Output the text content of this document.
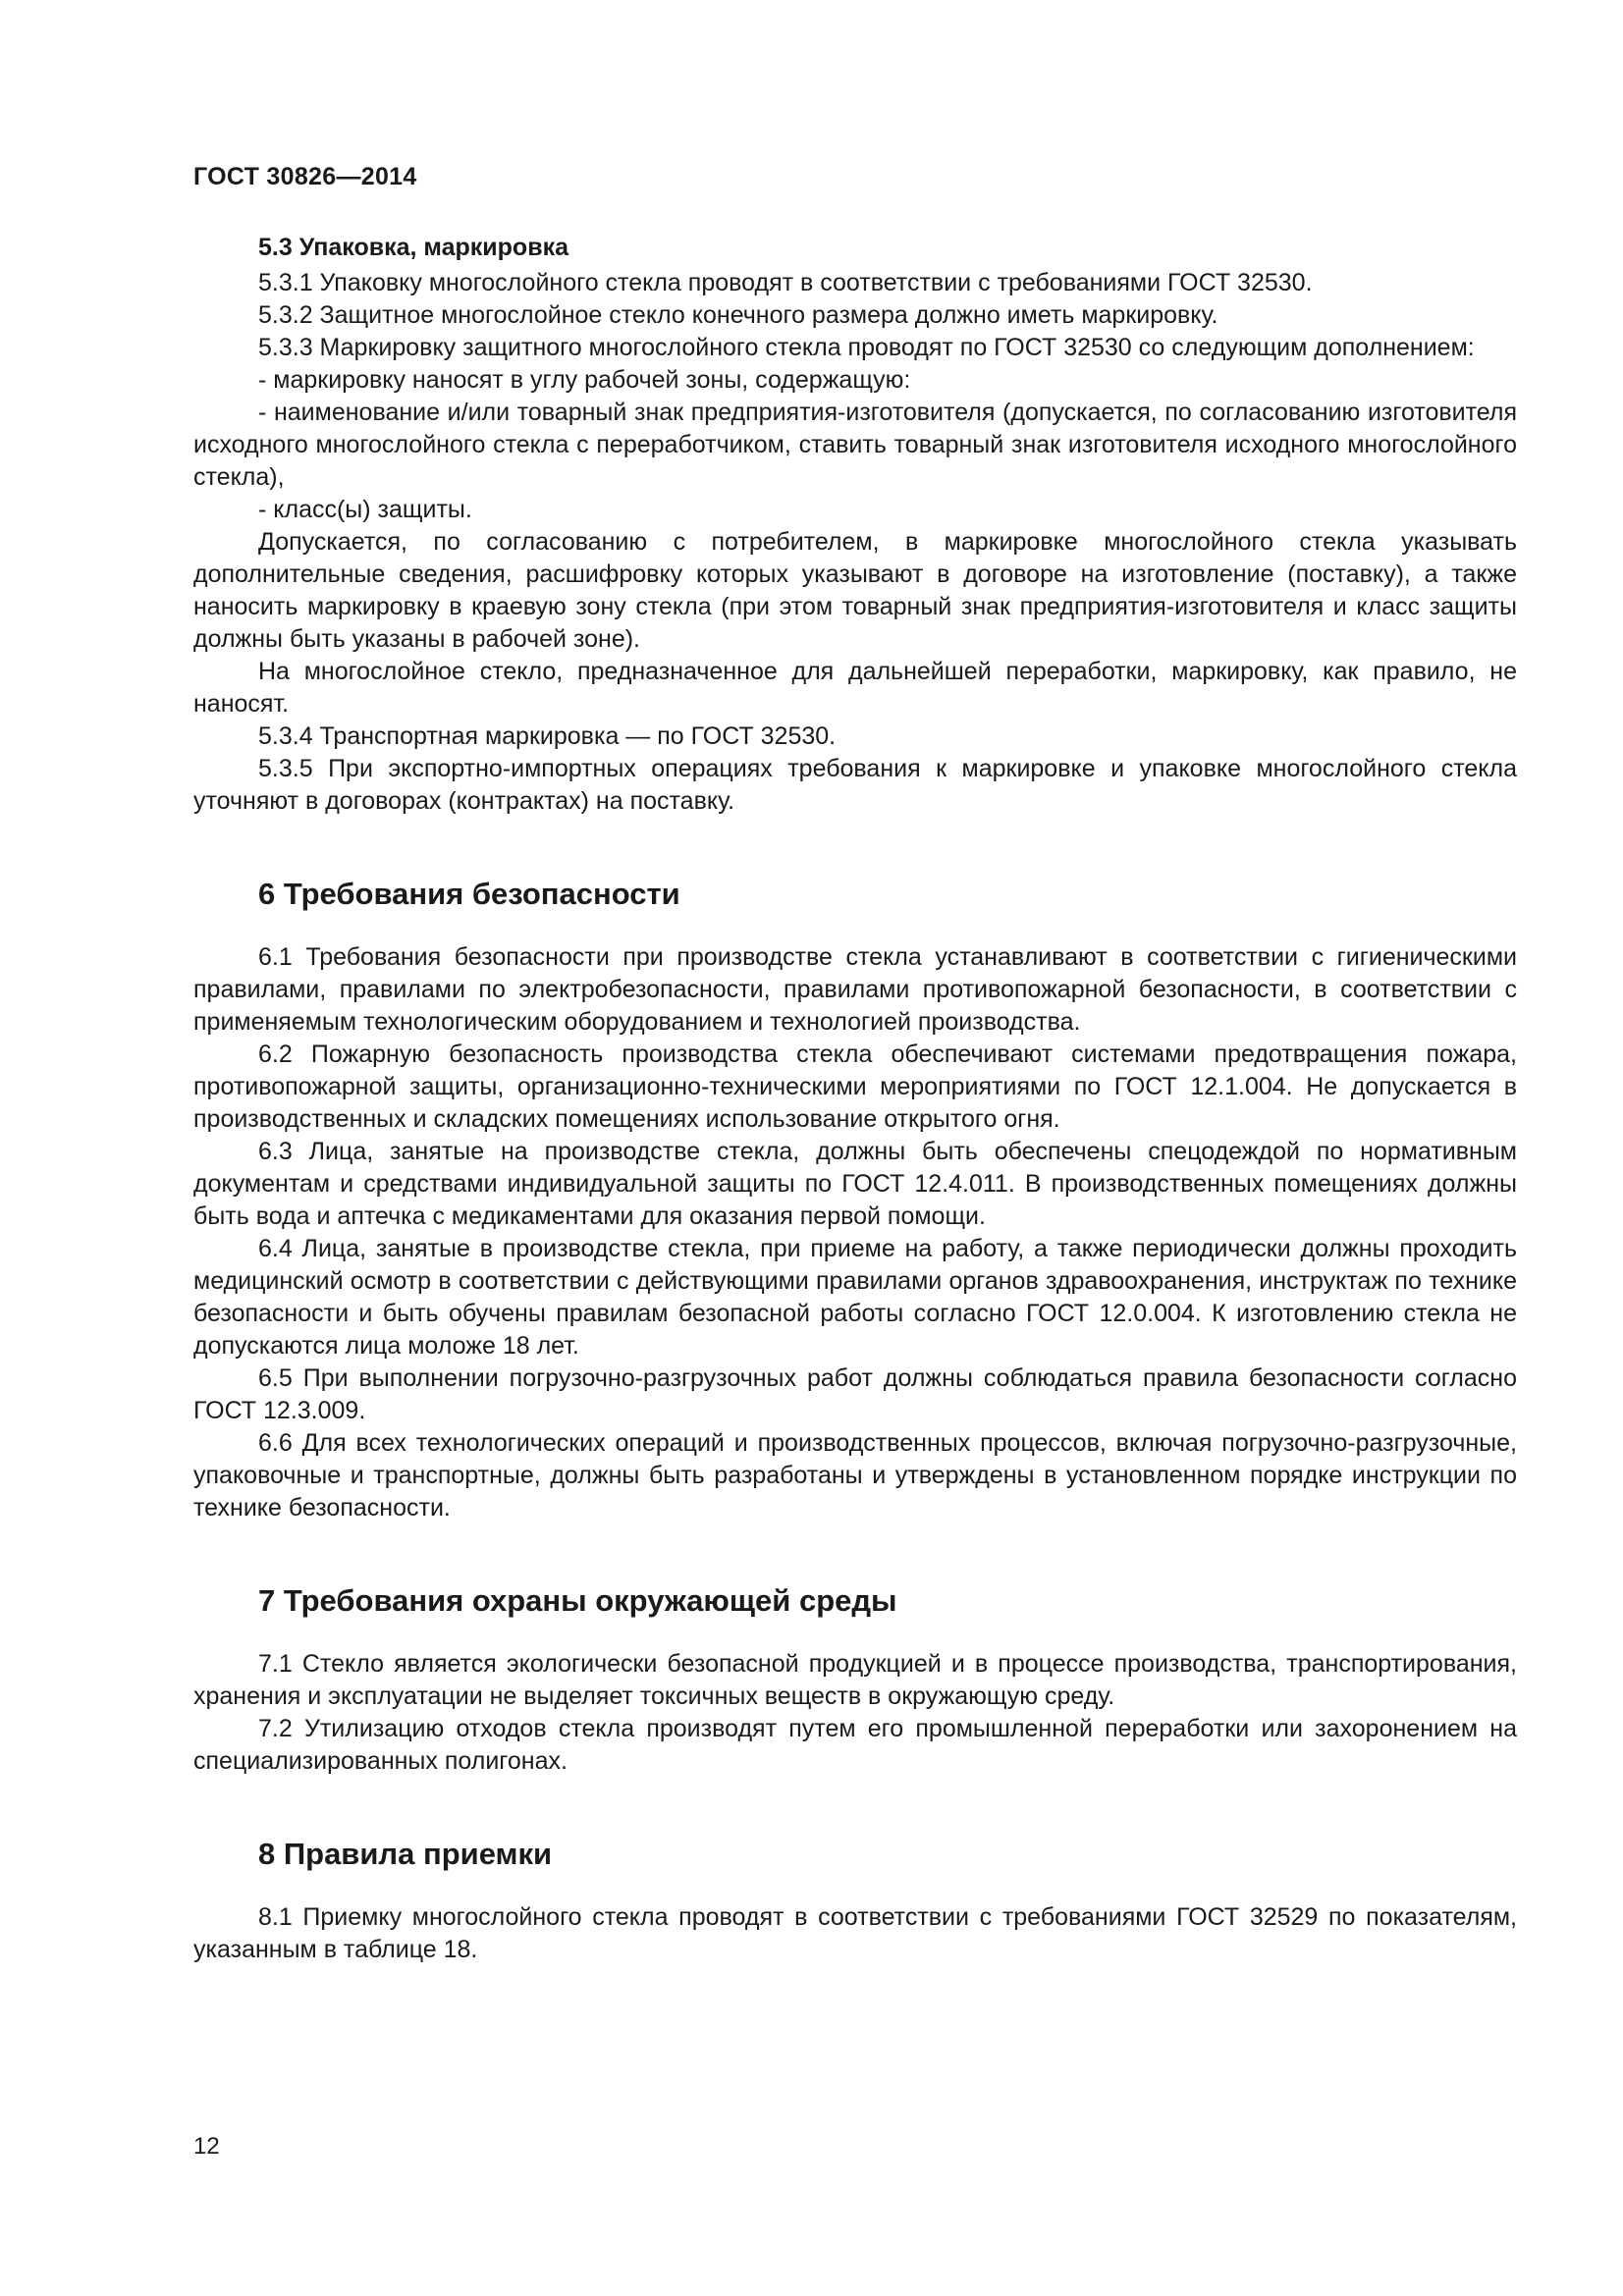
ГОСТ 30826—2014
5.3 Упаковка, маркировка

5.3.1 Упаковку многослойного стекла проводят в соответствии с требованиями ГОСТ 32530.

5.3.2 Защитное многослойное стекло конечного размера должно иметь маркировку.

5.3.3 Маркировку защитного многослойного стекла проводят по ГОСТ 32530 со следующим дополнением:

- маркировку наносят в углу рабочей зоны, содержащую:

- наименование и/или товарный знак предприятия-изготовителя (допускается, по согласованию изготовителя исходного многослойного стекла с переработчиком, ставить товарный знак изготовителя исходного многослойного стекла),

- класс(ы) защиты.

Допускается, по согласованию с потребителем, в маркировке многослойного стекла указывать дополнительные сведения, расшифровку которых указывают в договоре на изготовление (поставку), а также наносить маркировку в краевую зону стекла (при этом товарный знак предприятия-изготовителя и класс защиты должны быть указаны в рабочей зоне).

На многослойное стекло, предназначенное для дальнейшей переработки, маркировку, как правило, не наносят.

5.3.4 Транспортная маркировка — по ГОСТ 32530.

5.3.5 При экспортно-импортных операциях требования к маркировке и упаковке многослойного стекла уточняют в договорах (контрактах) на поставку.

6 Требования безопасности

6.1 Требования безопасности при производстве стекла устанавливают в соответствии с гигиеническими правилами, правилами по электробезопасности, правилами противопожарной безопасности, в соответствии с применяемым технологическим оборудованием и технологией производства.

6.2 Пожарную безопасность производства стекла обеспечивают системами предотвращения пожара, противопожарной защиты, организационно-техническими мероприятиями по ГОСТ 12.1.004. Не допускается в производственных и складских помещениях использование открытого огня.

6.3 Лица, занятые на производстве стекла, должны быть обеспечены спецодеждой по нормативным документам и средствами индивидуальной защиты по ГОСТ 12.4.011. В производственных помещениях должны быть вода и аптечка с медикаментами для оказания первой помощи.

6.4 Лица, занятые в производстве стекла, при приеме на работу, а также периодически должны проходить медицинский осмотр в соответствии с действующими правилами органов здравоохранения, инструктаж по технике безопасности и быть обучены правилам безопасной работы согласно ГОСТ 12.0.004. К изготовлению стекла не допускаются лица моложе 18 лет.

6.5 При выполнении погрузочно-разгрузочных работ должны соблюдаться правила безопасности согласно ГОСТ 12.3.009.

6.6 Для всех технологических операций и производственных процессов, включая погрузочно-разгрузочные, упаковочные и транспортные, должны быть разработаны и утверждены в установленном порядке инструкции по технике безопасности.

7 Требования охраны окружающей среды

7.1 Стекло является экологически безопасной продукцией и в процессе производства, транспортирования, хранения и эксплуатации не выделяет токсичных веществ в окружающую среду.

7.2 Утилизацию отходов стекла производят путем его промышленной переработки или захоронением на специализированных полигонах.

8 Правила приемки

8.1 Приемку многослойного стекла проводят в соответствии с требованиями ГОСТ 32529 по показателям, указанным в таблице 18.

12
